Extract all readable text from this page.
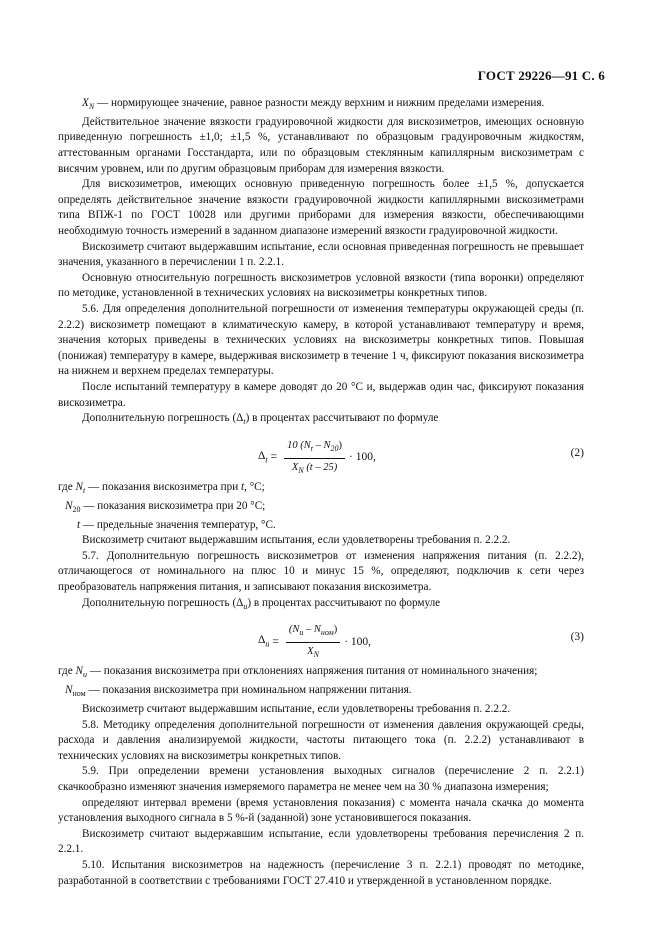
ГОСТ 29226—91 С. 6

$X_N$ — нормирующее значение, равное разности между верхним и нижним пределами измерения.

Действительное значение вязкости градуировочной жидкости для вискозиметров, имеющих основную приведенную погрешность ±1,0; ±1,5 %, устанавливают по образцовым градуировочным жидкостям, аттестованным органами Госстандарта, или по образцовым стеклянным капиллярным вискозиметрам с висячим уровнем, или по другим образцовым приборам для измерения вязкости.

Для вискозиметров, имеющих основную приведенную погрешность более ±1,5 %, допускается определять действительное значение вязкости градуировочной жидкости капиллярными вискозиметрами типа ВПЖ-1 по ГОСТ 10028 или другими приборами для измерения вязкости, обеспечивающими необходимую точность измерений в заданном диапазоне измерений вязкости градуировочной жидкости.

Вискозиметр считают выдержавшим испытание, если основная приведенная погрешность не превышает значения, указанного в перечислении 1 п. 2.2.1.

Основную относительную погрешность вискозиметров условной вязкости (типа воронки) определяют по методике, установленной в технических условиях на вискозиметры конкретных типов.

5.6. Для определения дополнительной погрешности от изменения температуры окружающей среды (п. 2.2.2) вискозиметр помещают в климатическую камеру, в которой устанавливают температуру и время, значения которых приведены в технических условиях на вискозиметры конкретных типов. Повышая (понижая) температуру в камере, выдерживая вискозиметр в течение 1 ч, фиксируют показания вискозиметра на нижнем и верхнем пределах температуры.

После испытаний температуру в камере доводят до 20 °С и, выдержав один час, фиксируют показания вискозиметра.

Дополнительную погрешность $(\Delta_t)$ в процентах рассчитывают по формуле

$\Delta_t = \frac{10 (N_t - N_{20})}{X_N (t - 25)} \cdot 100$,	(2)

где $N_t$ — показания вискозиметра при t, °С;

$N_{20}$ — показания вискозиметра при 20 °С;

t — предельные значения температур, °С.

Вискозиметр считают выдержавшим испытания, если удовлетворены требования п. 2.2.2.

5.7. Дополнительную погрешность вискозиметров от изменения напряжения питания (п. 2.2.2), отличающегося от номинального на плюс 10 и минус 15 %, определяют, подключив к сети через преобразователь напряжения питания, и записывают показания вискозиметра.

Дополнительную погрешность $(\Delta_u)$ в процентах рассчитывают по формуле

$\Delta_u = \frac{(N_u - N_{ном})}{X_N} \cdot 100$,	(3)

где $N_u$ — показания вискозиметра при отклонениях напряжения питания от номинального значения;

$N_{ном}$ — показания вискозиметра при номинальном напряжении питания.

Вискозиметр считают выдержавшим испытание, если удовлетворены требования п. 2.2.2.

5.8. Методику определения дополнительной погрешности от изменения давления окружающей среды, расхода и давления анализируемой жидкости, частоты питающего тока (п. 2.2.2) устанавливают в технических условиях на вискозиметры конкретных типов.

5.9. При определении времени установления выходных сигналов (перечисление 2 п. 2.2.1) скачкообразно изменяют значения измеряемого параметра не менее чем на 30 % диапазона измерения;

определяют интервал времени (время установления показания) с момента начала скачка до момента установления выходного сигнала в 5 %-й (заданной) зоне установившегося показания.

Вискозиметр считают выдержавшим испытание, если удовлетворены требования перечисления 2 п. 2.2.1.

5.10. Испытания вискозиметров на надежность (перечисление 3 п. 2.2.1) проводят по методике, разработанной в соответствии с требованиями ГОСТ 27.410 и утвержденной в установленном порядке.
